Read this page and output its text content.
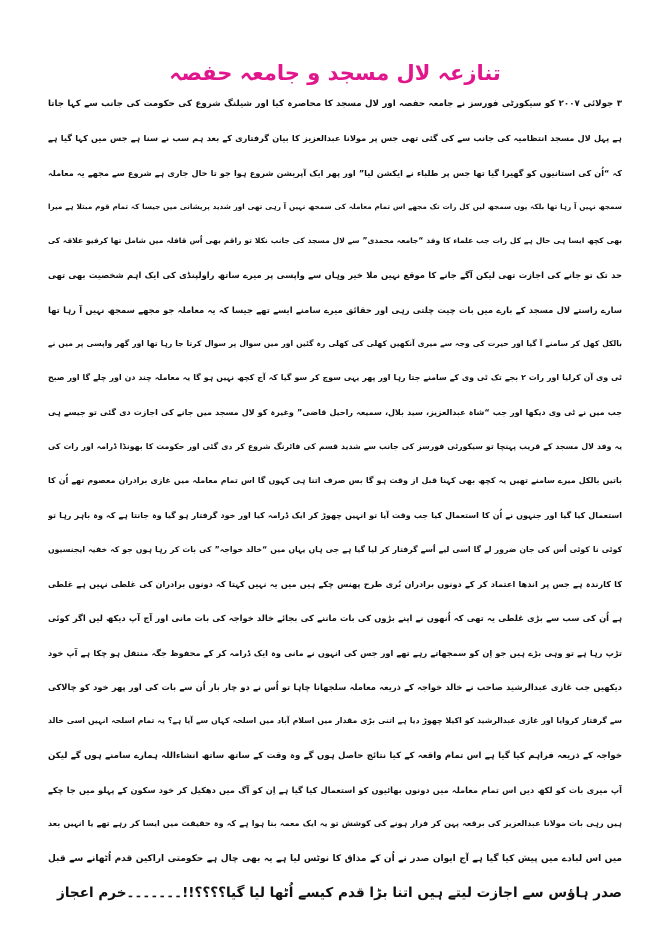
تنازعہ لال مسجد و جامعہ حفصہ
۳ جولائی ۲۰۰۷ کو سیکورٹی فورسز نے جامعہ حفصہ اور لال مسجد کا محاصرہ کیا اور شیلنگ شروع کی حکومت کی جانب سے کہا جاتا
ہے پہل لال مسجد انتظامیہ کی جانب سے کی گئی تھی جس پر مولانا عبدالعزیز کا بیان گرفتاری کے بعد ہم سب نے سنا ہے جس میں کہا گیا ہے
کہ “اُن کی استانیوں کو گھیرا گیا تھا جس پر طلباء نے ایکشن لیا” اور پھر ایک آپریشن شروع ہوا جو تا حال جاری ہے شروع سے مجھے یہ معاملہ
سمجھ نہیں آ رہا تھا بلکہ یوں سمجھ لیں کل رات تک مجھے اس تمام معاملہ کی سمجھ نہیں آ رہی تھی اور شدید پریشانی میں جیسا کہ تمام قوم مبتلا ہے میرا
بھی کچھ ایسا ہی حال ہے کل رات جب علماء کا وفد “جامعہ محمدی” سے لال مسجد کی جانب نکلا تو راقم بھی اُس قافلہ میں شامل تھا کرفیو علاقہ کی
حد تک تو جانے کی اجازت تھی لیکن آگے جانے کا موقع نہیں ملا خیر وہاں سے واپسی پر میرے ساتھ راولپنڈی کی ایک اہم شخصیت بھی تھی
سارے راستے لال مسجد کے بارے میں بات چیت چلتی رہی اور حقائق میرے سامنے ایسے تھے جیسا کہ یہ معاملہ جو مجھے سمجھ نہیں آ رہا تھا
بالکل کھل کر سامنے آ گیا اور حیرت کی وجہ سے میری آنکھیں کھلی کی کھلی رہ گئیں اور میں سوال پر سوال کرتا جا رہا تھا اور گھر واپسی پر میں نے
ٹی وی آن کرلیا اور رات ۲ بجے تک ٹی وی کے سامنے جتا رہا اور پھر یہی سوچ کر سو گیا کہ آج کچھ نہیں ہو گا یہ معاملہ چند دن اور چلے گا اور صبح
جب میں نے ٹی وی دیکھا اور جب “شاہ عبدالعزیز، سید بلال، سمیعہ راحیل قاضی” وغیرہ کو لال مسجد میں جانے کی اجازت دی گئی تو جیسے ہی
یہ وفد لال مسجد کے قریب پہنچا تو سیکورٹی فورسز کی جانب سے شدید قسم کی فائرنگ شروع کر دی گئی اور حکومت کا بھونڈا ڈرامہ اور رات کی
باتیں بالکل میرے سامنے تھیں یہ کچھ بھی کہنا قبل از وقت ہو گا بس صرف اتنا ہی کہوں گا اس تمام معاملہ میں غازی برادران معصوم تھے اُن کا
استعمال کیا گیا اور جنہوں نے اُن کا استعمال کیا جب وقت آیا تو انہیں چھوڑ کر ایک ڈرامہ کیا اور خود گرفتار ہو گیا وہ جانتا ہے کہ وہ باہر رہا تو
کوئی نا کوئی اُس کی جان ضرور لے گا اسی لیے اُسے گرفتار کر لیا گیا ہے جی ہاں یہاں میں “خالد خواجہ” کی بات کر رہا ہوں جو کہ خفیہ ایجنسیوں
کا کارندہ ہے جس پر اندھا اعتماد کر کے دونوں برادران بُری طرح پھنس چکے ہیں میں یہ نہیں کہتا کہ دونوں برادران کی غلطی نہیں ہے غلطی
ہے اُن کی سب سے بڑی غلطی یہ تھی کہ اُنھوں نے اپنے بڑوں کی بات ماننے کی بجائے خالد خواجہ کی بات مانی اور آج آپ دیکھ لیں اگر کوئی
تڑپ رہا ہے تو وہی بڑے ہیں جو اِن کو سمجھاتے رہے تھے اور جس کی انہوں نے مانی وہ ایک ڈرامہ کر کے محفوظ جگہ منتقل ہو چکا ہے آپ خود
دیکھیں جب غازی عبدالرشید صاحب نے خالد خواجہ کے ذریعہ معاملہ سلجھانا چاہا تو اُس نے دو چار بار اُن سے بات کی اور پھر خود کو چالاکی
سے گرفتار کروایا اور غازی عبدالرشید کو اکیلا چھوڑ دیا ہے اتنی بڑی مقدار میں اسلام آباد میں اسلحہ کہاں سے آیا ہے؟ یہ تمام اسلحہ انہیں اسی خالد
خواجہ کے ذریعہ فراہم کیا گیا ہے اس تمام واقعہ کے کیا نتائج حاصل ہوں گے وہ وقت کے ساتھ ساتھ انشاءاللہ ہمارے سامنے ہوں گے لیکن
آپ میری بات کو لکھ دیں اس تمام معاملہ میں دونوں بھائیوں کو استعمال کیا گیا ہے اِن کو آگ میں دھکیل کر خود سکون کے پہلو میں جا چکے
ہیں رہی بات مولانا عبدالعزیز کی برقعہ پہن کر فرار ہونے کی کوشش تو یہ ایک معمہ بنا ہوا ہے کہ وہ حقیقت میں ایسا کر رہے تھے یا انہیں بعد
میں اس لبادے میں پیش کیا گیا ہے آج ایوان صدر نے اُن کے مذاق کا نوٹس لیا ہے یہ بھی چال ہے حکومتی اراکین قدم اُٹھانے سے قبل
صدر ہاؤس سے اجازت لیتے ہیں اتنا بڑا قدم کیسے اُٹھا لیا گیا؟؟؟؟!!۔۔۔۔۔۔۔خرم اعجاز
